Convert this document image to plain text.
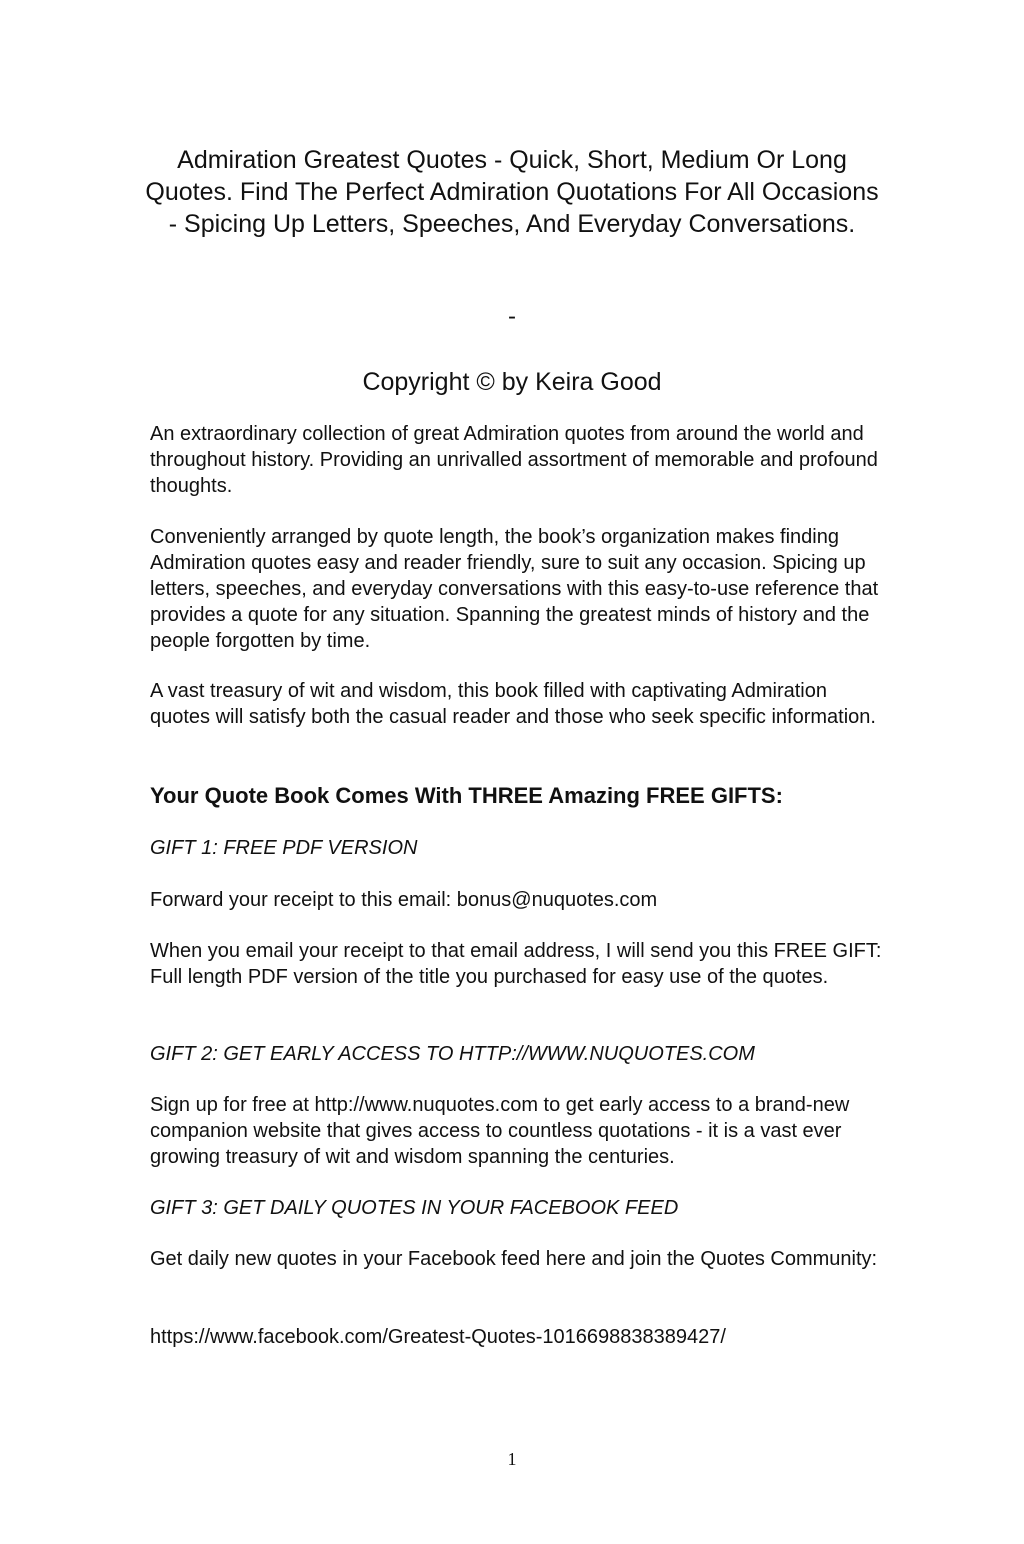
Admiration Greatest Quotes - Quick, Short, Medium Or Long Quotes. Find The Perfect Admiration Quotations For All Occasions - Spicing Up Letters, Speeches, And Everyday Conversations.

-

Copyright © by Keira Good

An extraordinary collection of great Admiration quotes from around the world and throughout history. Providing an unrivalled assortment of memorable and profound thoughts.

Conveniently arranged by quote length, the book’s organization makes finding Admiration quotes easy and reader friendly, sure to suit any occasion. Spicing up letters, speeches, and everyday conversations with this easy-to-use reference that provides a quote for any situation. Spanning the greatest minds of history and the people forgotten by time.

A vast treasury of wit and wisdom, this book filled with captivating Admiration quotes will satisfy both the casual reader and those who seek specific information.

Your Quote Book Comes With THREE Amazing FREE GIFTS:

GIFT 1: FREE PDF VERSION

Forward your receipt to this email: bonus@nuquotes.com

When you email your receipt to that email address, I will send you this FREE GIFT: Full length PDF version of the title you purchased for easy use of the quotes.

GIFT 2: GET EARLY ACCESS TO HTTP://WWW.NUQUOTES.COM

Sign up for free at http://www.nuquotes.com to get early access to a brand-new companion website that gives access to countless quotations - it is a vast ever growing treasury of wit and wisdom spanning the centuries.

GIFT 3: GET DAILY QUOTES IN YOUR FACEBOOK FEED

Get daily new quotes in your Facebook feed here and join the Quotes Community:

https://www.facebook.com/Greatest-Quotes-1016698838389427/

1
